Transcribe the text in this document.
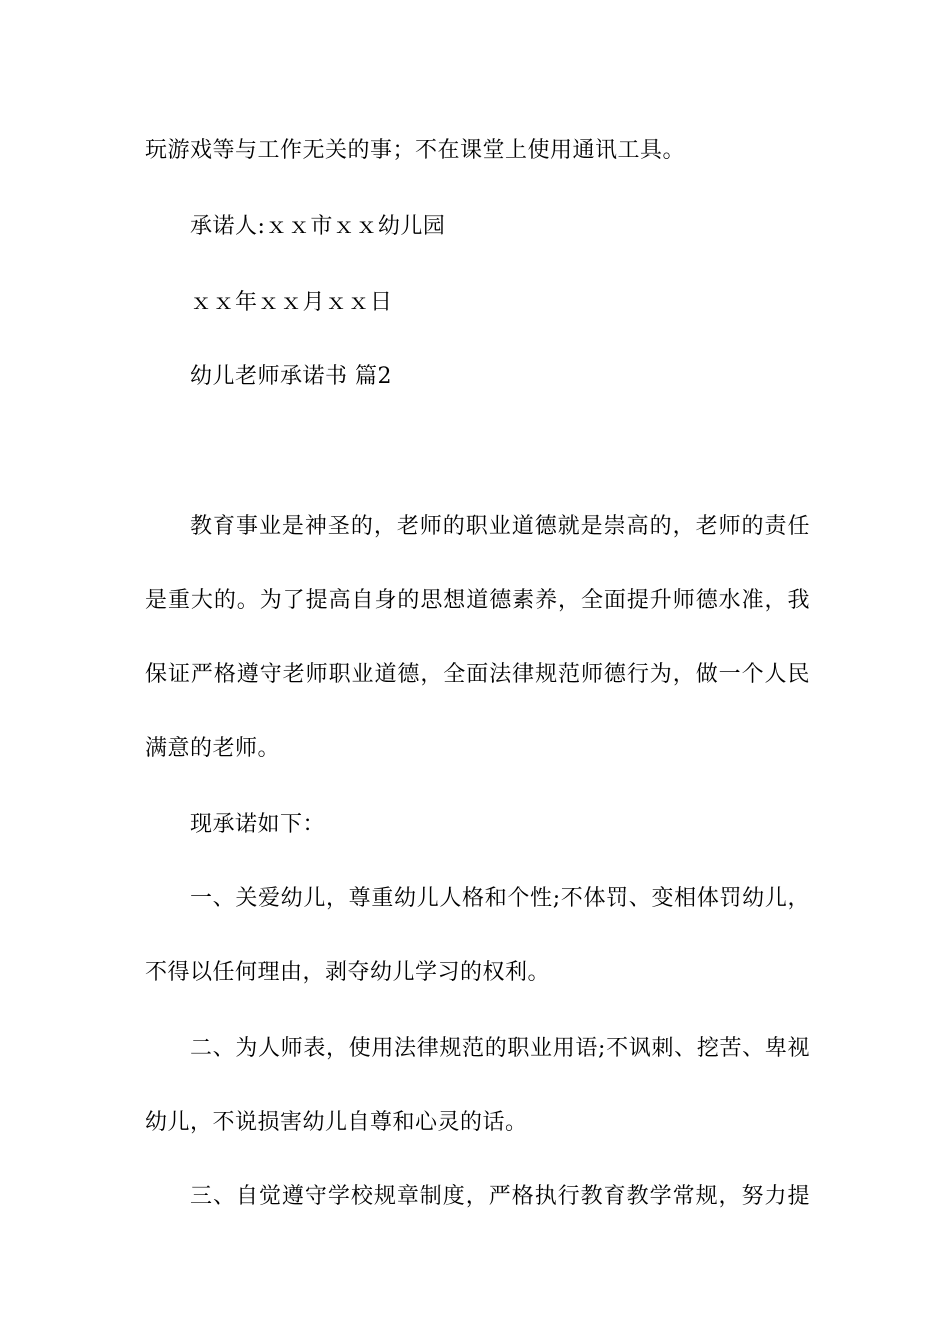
玩游戏等与工作无关的事；不在课堂上使用通讯工具。
承诺人:ｘｘ市ｘｘ幼儿园
ｘｘ年ｘｘ月ｘｘ日
幼儿老师承诺书 篇2
教育事业是神圣的，老师的职业道德就是崇高的，老师的责任
是重大的。为了提高自身的思想道德素养，全面提升师德水准，我
保证严格遵守老师职业道德，全面法律规范师德行为，做一个人民
满意的老师。
现承诺如下：
一、关爱幼儿，尊重幼儿人格和个性;不体罚、变相体罚幼儿，
不得以任何理由，剥夺幼儿学习的权利。
二、为人师表，使用法律规范的职业用语;不讽刺、挖苦、卑视
幼儿，不说损害幼儿自尊和心灵的话。
三、自觉遵守学校规章制度，严格执行教育教学常规，努力提
